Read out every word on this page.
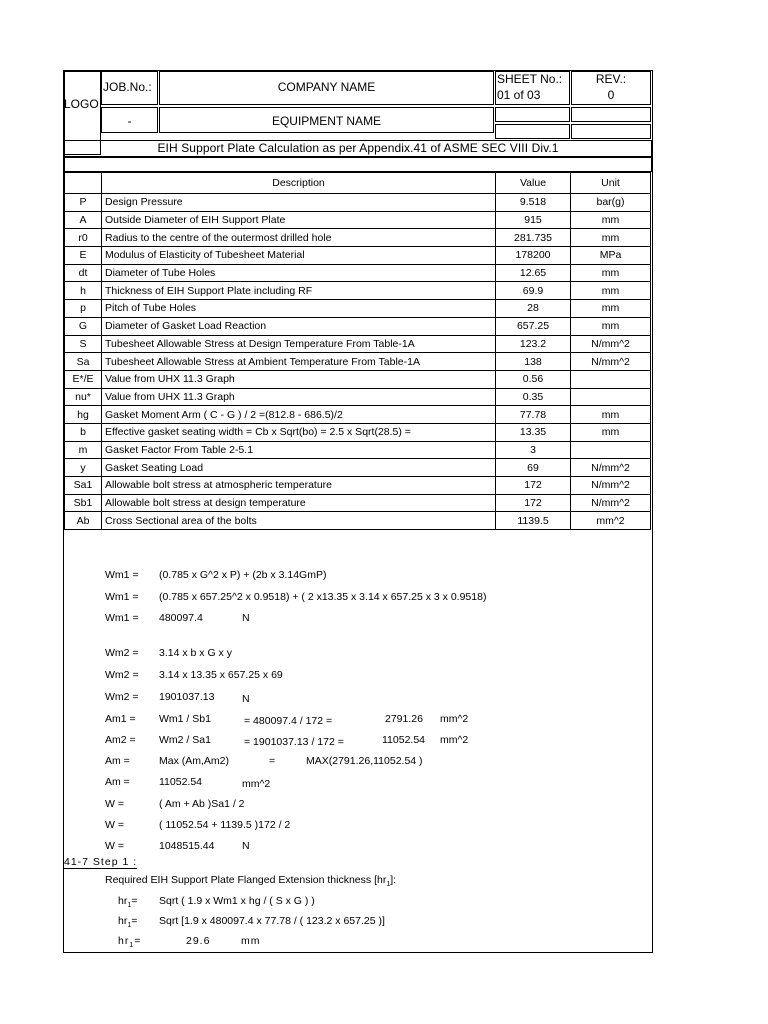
LOGO
JOB.No.:
-
COMPANY NAME
EQUIPMENT NAME
SHEET No.:
01 of 03
REV.:
0
EIH Support Plate Calculation as per Appendix.41 of ASME SEC VIII Div.1
	Description	Value	Unit
P	Design Pressure	9.518	bar(g)
A	Outside Diameter of EIH Support Plate	915	mm
r0	Radius to the centre of the outermost drilled hole	281.735	mm
E	Modulus of Elasticity of Tubesheet Material	178200	MPa
dt	Diameter of Tube Holes	12.65	mm
h	Thickness of EIH Support Plate including RF	69.9	mm
p	Pitch of Tube Holes	28	mm
G	Diameter of Gasket Load Reaction	657.25	mm
S	Tubesheet Allowable Stress at Design Temperature From Table-1A	123.2	N/mm^2
Sa	Tubesheet Allowable Stress at Ambient Temperature From Table-1A	138	N/mm^2
E*/E	Value from UHX 11.3 Graph	0.56	
nu*	Value from UHX 11.3 Graph	0.35	
hg	Gasket Moment Arm ( C - G ) / 2 =(812.8 - 686.5)/2	77.78	mm
b	Effective gasket seating width = Cb x Sqrt(bo) = 2.5 x Sqrt(28.5) =	13.35	mm
m	Gasket Factor From Table 2-5.1	3	
y	Gasket Seating Load	69	N/mm^2
Sa1	Allowable bolt stress at atmospheric temperature	172	N/mm^2
Sb1	Allowable bolt stress at design temperature	172	N/mm^2
Ab	Cross Sectional area of the bolts	1139.5	mm^2
Wm1 = (0.785 x G^2 x P) + (2b x 3.14GmP)
Wm1 = (0.785 x 657.25^2 x 0.9518) + ( 2 x13.35 x 3.14 x 657.25 x 3 x 0.9518)
Wm1 = 480097.4	N
Wm2 = 3.14 x b x G x y
Wm2 = 3.14 x 13.35 x 657.25 x 69
Wm2 = 1901037.13	N
Am1 = Wm1 / Sb1	= 480097.4 / 172 =	2791.26 mm^2
Am2 = Wm2 / Sa1	= 1901037.13 / 172 =	11052.54 mm^2
Am =	Max (Am,Am2)	=	MAX(2791.26,11052.54 )
Am =	11052.54	mm^2
W =	( Am + Ab )Sa1 / 2
W =	( 11052.54 + 1139.5 )172 / 2
W =	1048515.44	N
41-7 Step 1 :
Required EIH Support Plate Flanged Extension thickness $[hr_1]$:
$hr_1=$ Sqrt ( 1.9 x Wm1 x hg / ( S x G ) )
$hr_1=$ Sqrt [1.9 x 480097.4 x 77.78 / ( 123.2 x 657.25 )]
$hr_1=$	29.6	mm
